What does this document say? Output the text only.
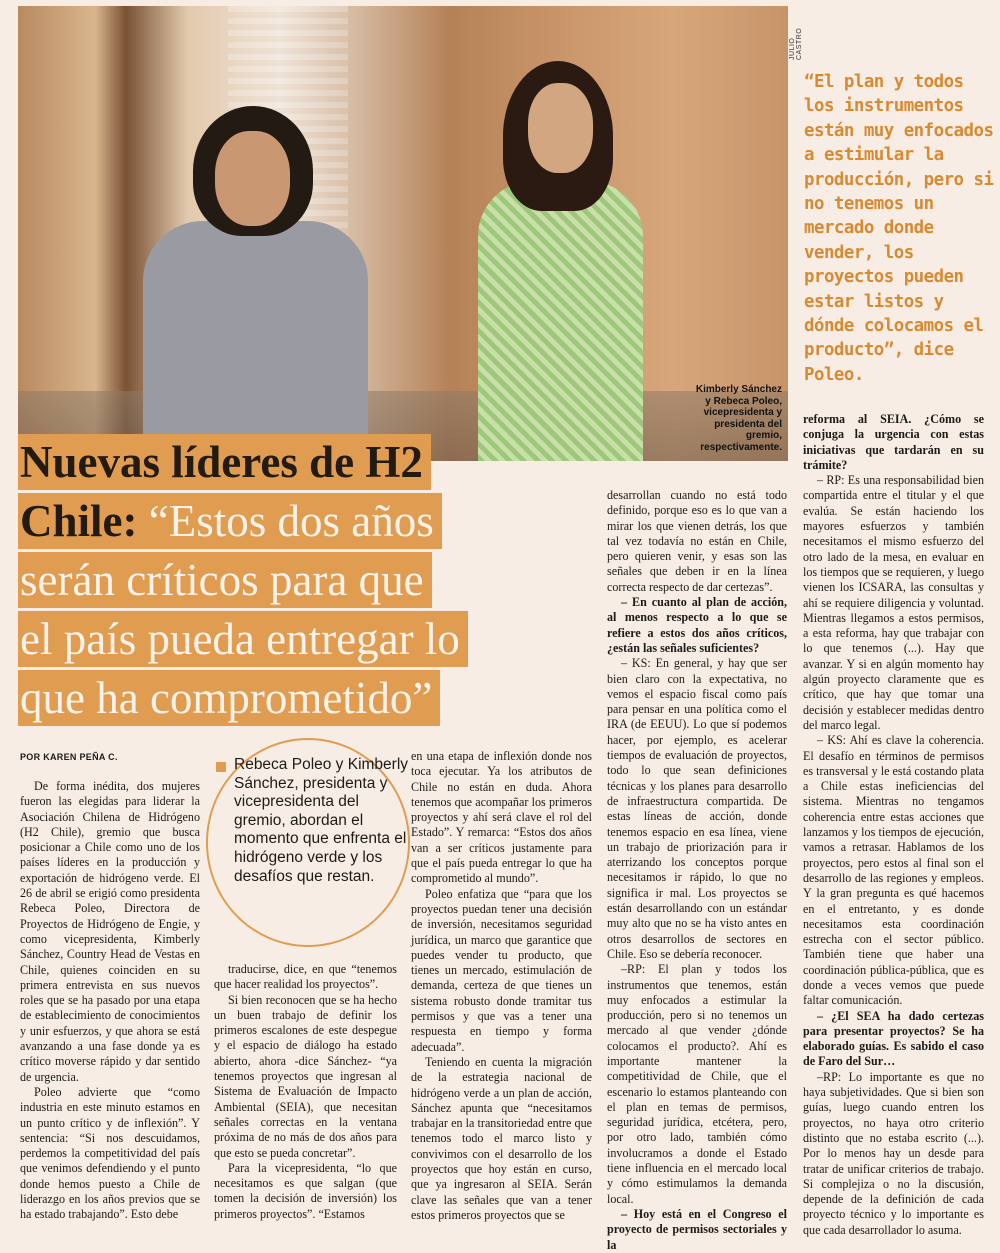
JULIO CASTRO
Kimberly Sánchez y Rebeca Poleo, vicepresidenta y presidenta del gremio, respectivamente.
“El plan y todos los instrumentos están muy enfocados a estimular la producción, pero si no tenemos un mercado donde vender, los proyectos pueden estar listos y dónde colocamos el producto”, dice Poleo.
Nuevas líderes de H2
Chile: “Estos dos años
serán críticos para que
el país pueda entregar lo
que ha comprometido”
POR KAREN PEÑA C.	Rebeca Poleo y Kimberly Sánchez, presidenta y vicepresidenta del gremio, abordan el momento que enfrenta el hidrógeno verde y los desafíos que restan.

De forma inédita, dos mujeres fueron las elegidas para liderar la Asociación Chilena de Hidrógeno (H2 Chile), gremio que busca posicionar a Chile como uno de los países líderes en la producción y exportación de hidrógeno verde. El 26 de abril se erigió como presidenta Rebeca Poleo, Directora de Proyectos de Hidrógeno de Engie, y como vicepresidenta, Kimberly Sánchez, Country Head de Vestas en Chile, quienes coinciden en su primera entrevista en sus nuevos roles que se ha pasado por una etapa de establecimiento de conocimientos y unir esfuerzos, y que ahora se está avanzando a una fase donde ya es crítico moverse rápido y dar sentido de urgencia.

Poleo advierte que “como industria en este minuto estamos en un punto crítico y de inflexión”. Y sentencia: “Si nos descuidamos, perdemos la competitividad del país que venimos defendiendo y el punto donde hemos puesto a Chile de liderazgo en los años previos que se ha estado trabajando”. Esto debe

traducirse, dice, en que “tenemos que hacer realidad los proyectos”.

Si bien reconocen que se ha hecho un buen trabajo de definir los primeros escalones de este despegue y el espacio de diálogo ha estado abierto, ahora -dice Sánchez- “ya tenemos proyectos que ingresan al Sistema de Evaluación de Impacto Ambiental (SEIA), que necesitan señales correctas en la ventana próxima de no más de dos años para que esto se pueda concretar”.

Para la vicepresidenta, “lo que necesitamos es que salgan (que tomen la decisión de inversión) los primeros proyectos”. “Estamos

en una etapa de inflexión donde nos toca ejecutar. Ya los atributos de Chile no están en duda. Ahora tenemos que acompañar los primeros proyectos y ahí será clave el rol del Estado”. Y remarca: “Estos dos años van a ser críticos justamente para que el país pueda entregar lo que ha comprometido al mundo”.

Poleo enfatiza que “para que los proyectos puedan tener una decisión de inversión, necesitamos seguridad jurídica, un marco que garantice que puedes vender tu producto, que tienes un mercado, estimulación de demanda, certeza de que tienes un sistema robusto donde tramitar tus permisos y que vas a tener una respuesta en tiempo y forma adecuada”.

Teniendo en cuenta la migración de la estrategia nacional de hidrógeno verde a un plan de acción, Sánchez apunta que “necesitamos trabajar en la transitoriedad entre que tenemos todo el marco listo y convivimos con el desarrollo de los proyectos que hoy están en curso, que ya ingresaron al SEIA. Serán clave las señales que van a tener estos primeros proyectos que se

desarrollan cuando no está todo definido, porque eso es lo que van a mirar los que vienen detrás, los que tal vez todavía no están en Chile, pero quieren venir, y esas son las señales que deben ir en la línea correcta respecto de dar certezas”.

– En cuanto al plan de acción, al menos respecto a lo que se refiere a estos dos años críticos, ¿están las señales suficientes?

– KS: En general, y hay que ser bien claro con la expectativa, no vemos el espacio fiscal como país para pensar en una política como el IRA (de EEUU). Lo que sí podemos hacer, por ejemplo, es acelerar tiempos de evaluación de proyectos, todo lo que sean definiciones técnicas y los planes para desarrollo de infraestructura compartida. De estas líneas de acción, donde tenemos espacio en esa línea, viene un trabajo de priorización para ir aterrizando los conceptos porque necesitamos ir rápido, lo que no significa ir mal. Los proyectos se están desarrollando con un estándar muy alto que no se ha visto antes en otros desarrollos de sectores en Chile. Eso se debería reconocer.

–RP: El plan y todos los instrumentos que tenemos, están muy enfocados a estimular la producción, pero si no tenemos un mercado al que vender ¿dónde colocamos el producto?. Ahí es importante mantener la competitividad de Chile, que el escenario lo estamos planteando con el plan en temas de permisos, seguridad jurídica, etcétera, pero, por otro lado, también cómo involucramos a donde el Estado tiene influencia en el mercado local y cómo estimulamos la demanda local.

– Hoy está en el Congreso el proyecto de permisos sectoriales y la

reforma al SEIA. ¿Cómo se conjuga la urgencia con estas iniciativas que tardarán en su trámite?

– RP: Es una responsabilidad bien compartida entre el titular y el que evalúa. Se están haciendo los mayores esfuerzos y también necesitamos el mismo esfuerzo del otro lado de la mesa, en evaluar en los tiempos que se requieren, y luego vienen los ICSARA, las consultas y ahí se requiere diligencia y voluntad. Mientras llegamos a estos permisos, a esta reforma, hay que trabajar con lo que tenemos (...). Hay que avanzar. Y si en algún momento hay algún proyecto claramente que es crítico, que hay que tomar una decisión y establecer medidas dentro del marco legal.

– KS: Ahí es clave la coherencia. El desafío en términos de permisos es transversal y le está costando plata a Chile estas ineficiencias del sistema. Mientras no tengamos coherencia entre estas acciones que lanzamos y los tiempos de ejecución, vamos a retrasar. Hablamos de los proyectos, pero estos al final son el desarrollo de las regiones y empleos. Y la gran pregunta es qué hacemos en el entretanto, y es donde necesitamos esta coordinación estrecha con el sector público. También tiene que haber una coordinación pública-pública, que es donde a veces vemos que puede faltar comunicación.

– ¿El SEA ha dado certezas para presentar proyectos? Se ha elaborado guías. Es sabido el caso de Faro del Sur…

–RP: Lo importante es que no haya subjetividades. Que si bien son guías, luego cuando entren los proyectos, no haya otro criterio distinto que no estaba escrito (...). Por lo menos hay un desde para tratar de unificar criterios de trabajo. Si complejiza o no la discusión, depende de la definición de cada proyecto técnico y lo importante es que cada desarrollador lo asuma.
